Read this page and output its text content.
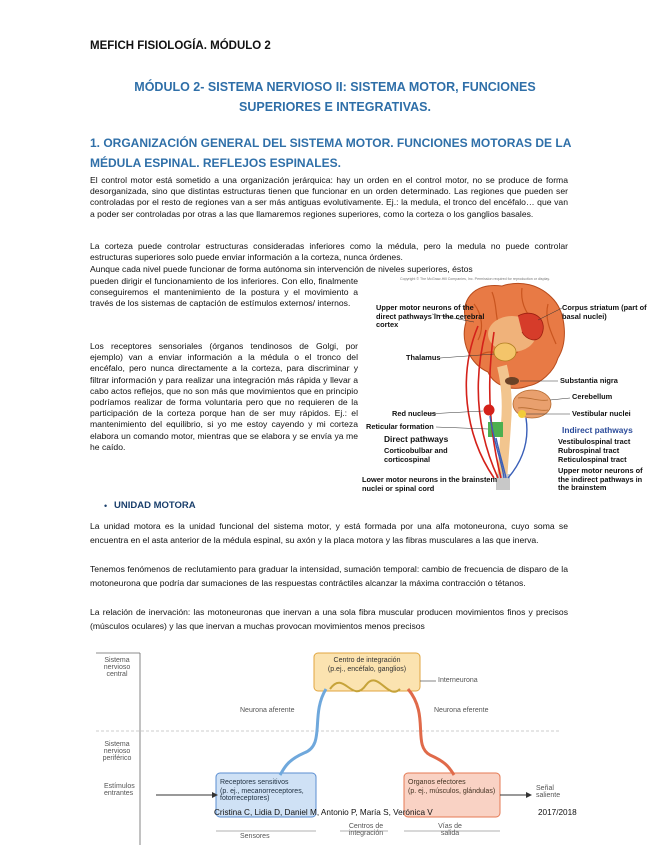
MEFICH FISIOLOGÍA. MÓDULO 2
MÓDULO 2- SISTEMA NERVIOSO II: SISTEMA MOTOR, FUNCIONES
SUPERIORES E INTEGRATIVAS.
1. ORGANIZACIÓN GENERAL DEL SISTEMA MOTOR. FUNCIONES MOTORAS DE LA
MÉDULA ESPINAL. REFLEJOS ESPINALES.
El control motor está sometido a una organización jerárquica: hay un orden en el control motor, no se produce de forma desorganizada, sino que distintas estructuras tienen que funcionar en un orden determinado. Las regiones que pueden ser controladas por el resto de regiones van a ser más antiguas evolutivamente. Ej.: la medula, el tronco del encéfalo… que van a poder ser controladas por otras a las que llamaremos regiones superiores, como la corteza o los ganglios basales.
La corteza puede controlar estructuras consideradas inferiores como la médula, pero la medula no puede controlar estructuras superiores solo puede enviar información a la corteza, nunca órdenes.
Aunque cada nivel puede funcionar de forma autónoma sin intervención de niveles superiores, éstos
pueden dirigir el funcionamiento de los inferiores. Con ello, finalmente conseguiremos el mantenimiento de la postura y el movimiento a través de los sistemas de captación de estímulos externos/ internos.
Los receptores sensoriales (órganos tendinosos de Golgi, por ejemplo) van a enviar información a la médula o el tronco del encéfalo, pero nunca directamente a la corteza, para discriminar y filtrar información y para realizar una integración más rápida y llevar a cabo actos reflejos, que no son más que movimientos que en principio podríamos realizar de forma voluntaria pero que no requieren de la participación de la corteza porque han de ser muy rápidos. Ej.: el mantenimiento del equilibrio, si yo me estoy cayendo y mi corteza elabora un comando motor, mientras que se elabora y se envía ya me he caído.
Copyright © The McGraw-Hill Companies, Inc. Permission required for reproduction or display.
Upper motor neurons of the direct pathways in the cerebral cortex
Corpus striatum (part of basal nuclei)
Thalamus
Substantia nigra
Cerebellum
Vestibular nuclei
Red nucleus
Reticular formation	Indirect pathways
Vestibulospinal tract
Rubrospinal tract
Reticulospinal tract
Direct pathways
Corticobulbar and corticospinal
Upper motor neurons of the indirect pathways in the brainstem
Lower motor neurons in the brainstem nuclei or spinal cord
• UNIDAD MOTORA
La unidad motora es la unidad funcional del sistema motor, y está formada por una alfa motoneurona, cuyo soma se encuentra en el asta anterior de la médula espinal, su axón y la placa motora y las fibras musculares a las que inerva.
Tenemos fenómenos de reclutamiento para graduar la intensidad, sumación temporal: cambio de frecuencia de disparo de la motoneurona que podría dar sumaciones de las respuestas contráctiles alcanzar la máxima contracción o tétanos.
La relación de inervación: las motoneuronas que inervan a una sola fibra muscular producen movimientos finos y precisos (músculos oculares) y las que inervan a muchas provocan movimientos menos precisos
Sistema nervioso central
Sistema nervioso periférico
Centro de integración
(p.ej., encéfalo, ganglios)
Interneurona
Neurona aferente	Neurona eferente
Receptores sensitivos
(p. ej., mecanorreceptores, fotorreceptores)
Organos efectores
(p. ej., músculos, glándulas)
Estímulos entrantes
Señal saliente
Sensores
Centros de integración
Vías de salida
Cristina C, Lidia D, Daniel M, Antonio P, María S, Verónica V	2017/2018
